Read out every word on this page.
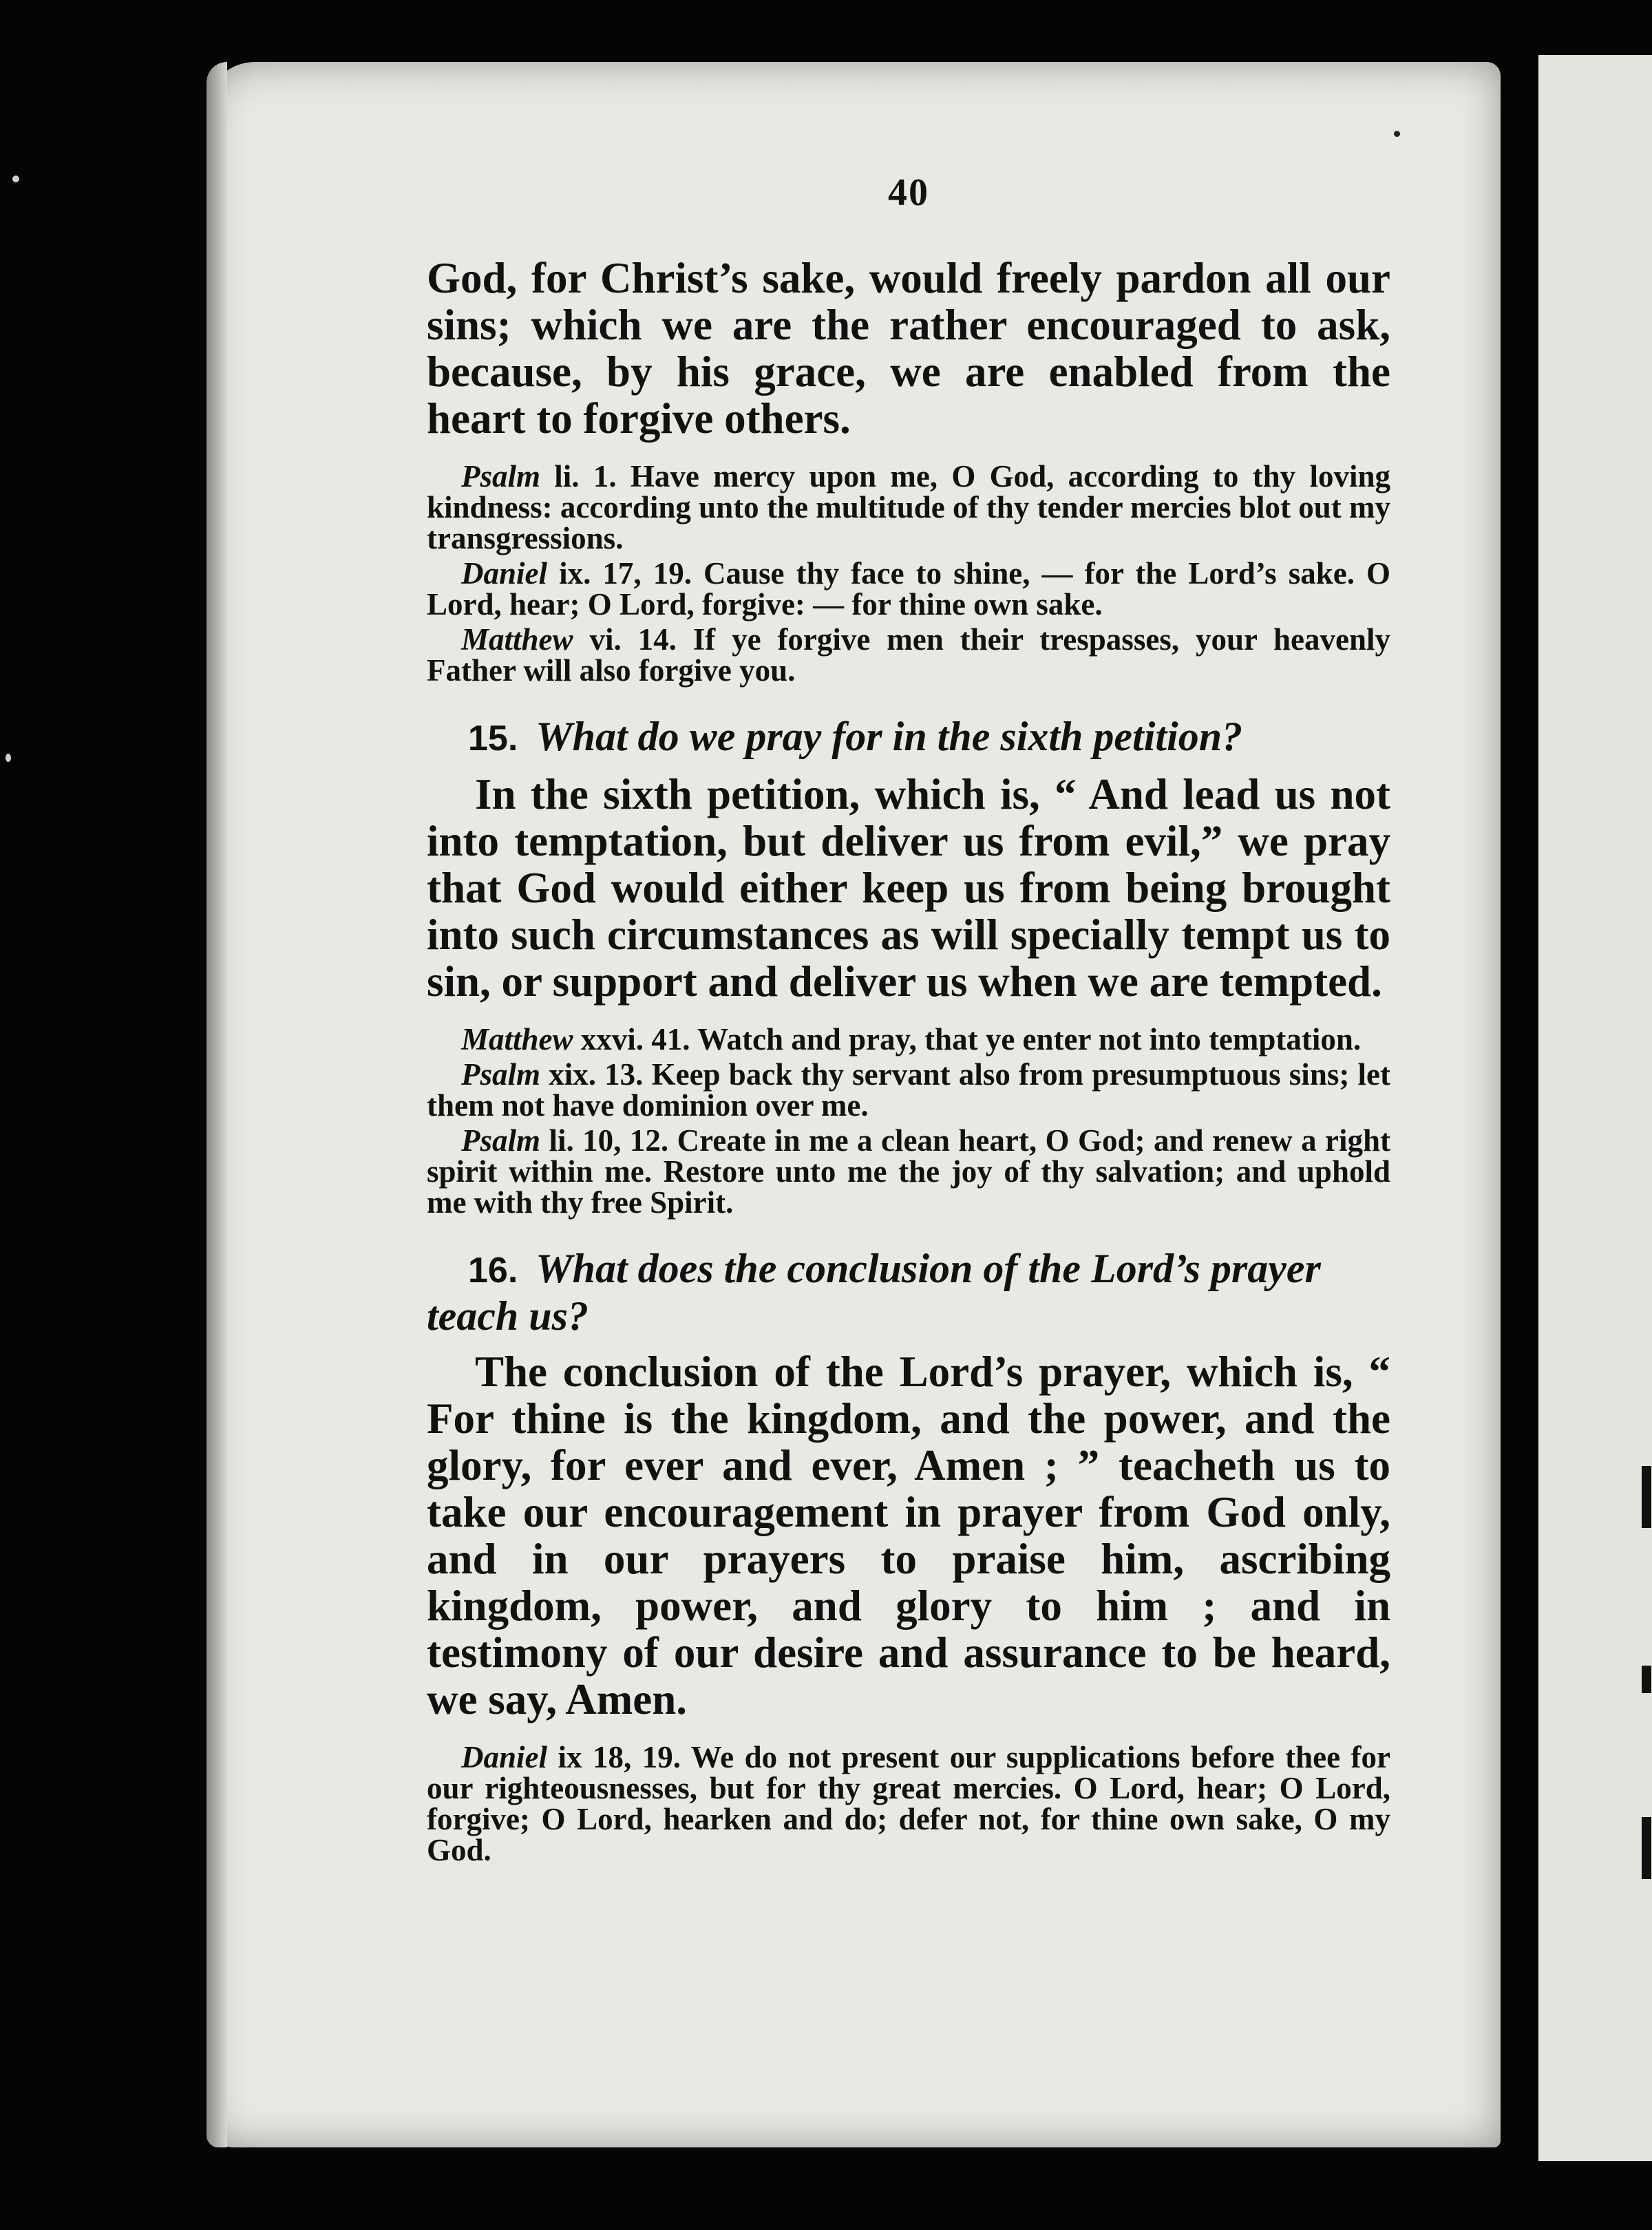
40

God, for Christ’s sake, would freely pardon all our sins; which we are the rather encouraged to ask, because, by his grace, we are enabled from the heart to forgive others.

Psalm li. 1. Have mercy upon me, O God, according to thy loving kindness: according unto the multitude of thy tender mercies blot out my transgressions.

Daniel ix. 17, 19. Cause thy face to shine, — for the Lord’s sake. O Lord, hear; O Lord, forgive: — for thine own sake.

Matthew vi. 14. If ye forgive men their trespasses, your heavenly Father will also forgive you.

15. What do we pray for in the sixth petition?

In the sixth petition, which is, “ And lead us not into temptation, but deliver us from evil,” we pray that God would either keep us from being brought into such circumstances as will specially tempt us to sin, or support and deliver us when we are tempted.

Matthew xxvi. 41. Watch and pray, that ye enter not into temptation.

Psalm xix. 13. Keep back thy servant also from presumptuous sins; let them not have dominion over me.

Psalm li. 10, 12. Create in me a clean heart, O God; and renew a right spirit within me. Restore unto me the joy of thy salvation; and uphold me with thy free Spirit.

16. What does the conclusion of the Lord’s prayer teach us?

The conclusion of the Lord’s prayer, which is, “ For thine is the kingdom, and the power, and the glory, for ever and ever, Amen ; ” teacheth us to take our encouragement in prayer from God only, and in our prayers to praise him, ascribing kingdom, power, and glory to him ; and in testimony of our desire and assurance to be heard, we say, Amen.

Daniel ix 18, 19. We do not present our supplications before thee for our righteousnesses, but for thy great mercies. O Lord, hear; O Lord, forgive; O Lord, hearken and do; defer not, for thine own sake, O my God.
